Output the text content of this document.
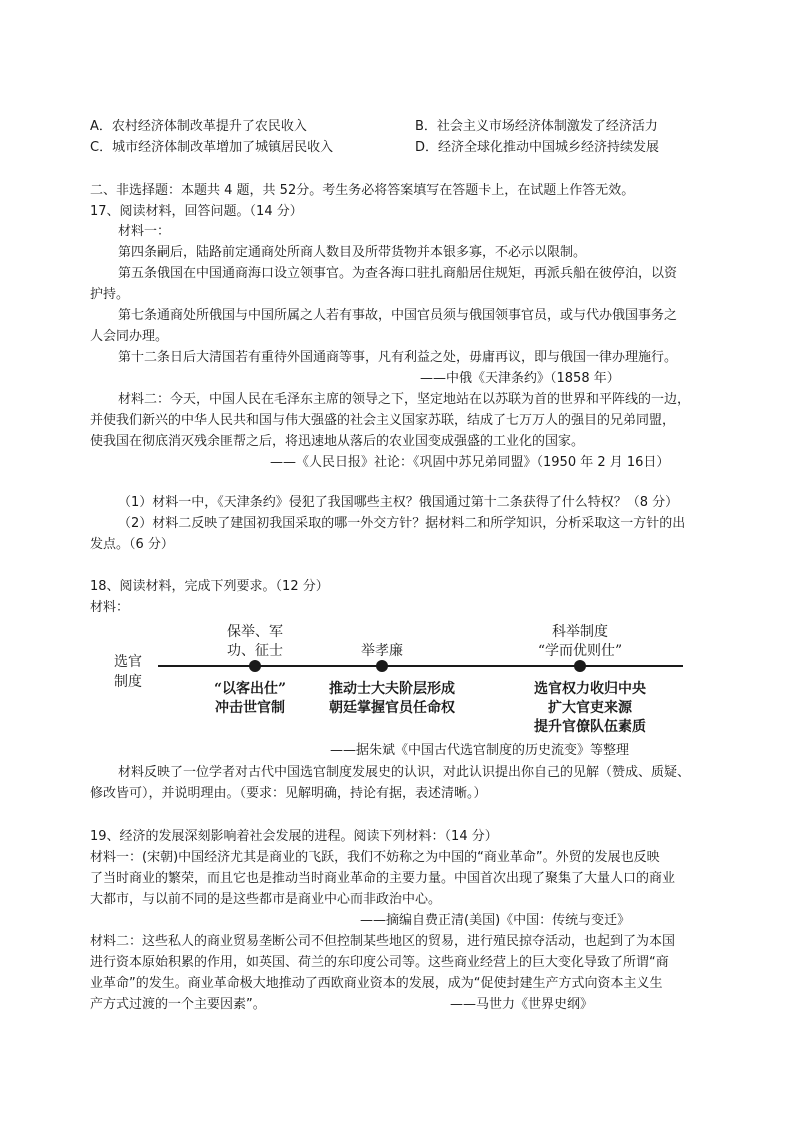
A．农村经济体制改革提升了农民收入	B．社会主义市场经济体制激发了经济活力
C．城市经济体制改革增加了城镇居民收入	D．经济全球化推动中国城乡经济持续发展
二、非选择题：本题共 4 题，共 52分。考生务必将答案填写在答题卡上，在试题上作答无效。
17、阅读材料，回答问题。（14 分）
材料一：
第四条嗣后，陆路前定通商处所商人数目及所带货物并本银多寡，不必示以限制。
第五条俄国在中国通商海口设立领事官。为查各海口驻扎商船居住规矩，再派兵船在彼停泊，以资
护持。
第七条通商处所俄国与中国所属之人若有事故，中国官员须与俄国领事官员，或与代办俄国事务之
人会同办理。
第十二条日后大清国若有重待外国通商等事，凡有利益之处，毋庸再议，即与俄国一律办理施行。
——中俄《天津条约》（1858 年）
材料二：今天，中国人民在毛泽东主席的领导之下，坚定地站在以苏联为首的世界和平阵线的一边，
并使我们新兴的中华人民共和国与伟大强盛的社会主义国家苏联，结成了七万万人的强目的兄弟同盟，
使我国在彻底消灭残余匪帮之后，将迅速地从落后的农业国变成强盛的工业化的国家。
——《人民日报》社论：《巩固中苏兄弟同盟》（1950 年 2 月 16日）
（1）材料一中，《天津条约》侵犯了我国哪些主权？俄国通过第十二条获得了什么特权？（8 分）
（2）材料二反映了建国初我国采取的哪一外交方针？据材料二和所学知识，分析采取这一方针的出
发点。（6 分）
18、阅读材料，完成下列要求。（12 分）
材料：
选官
制度
保举、军
功、征士	举孝廉
科举制度
“学而优则仕”
“以客出仕”
冲击世官制
推动士大夫阶层形成
朝廷掌握官员任命权
选官权力收归中央
扩大官吏来源
提升官僚队伍素质
——据朱斌《中国古代选官制度的历史流变》等整理
材料反映了一位学者对古代中国选官制度发展史的认识，对此认识提出你自己的见解（赞成、质疑、
修改皆可），并说明理由。（要求：见解明确，持论有据，表述清晰。）
19、经济的发展深刻影响着社会发展的进程。阅读下列材料：（14 分）
材料一：(宋朝)中国经济尤其是商业的飞跃，我们不妨称之为中国的“商业革命”。外贸的发展也反映
了当时商业的繁荣，而且它也是推动当时商业革命的主要力量。中国首次出现了聚集了大量人口的商业
大都市，与以前不同的是这些都市是商业中心而非政治中心。
——摘编自费正清(美国)《中国：传统与变迁》
材料二：这些私人的商业贸易垄断公司不但控制某些地区的贸易，进行殖民掠夺活动，也起到了为本国
进行资本原始积累的作用，如英国、荷兰的东印度公司等。这些商业经营上的巨大变化导致了所谓“商
业革命”的发生。商业革命极大地推动了西欧商业资本的发展，成为“促使封建生产方式向资本主义生
产方式过渡的一个主要因素”。	——马世力《世界史纲》
